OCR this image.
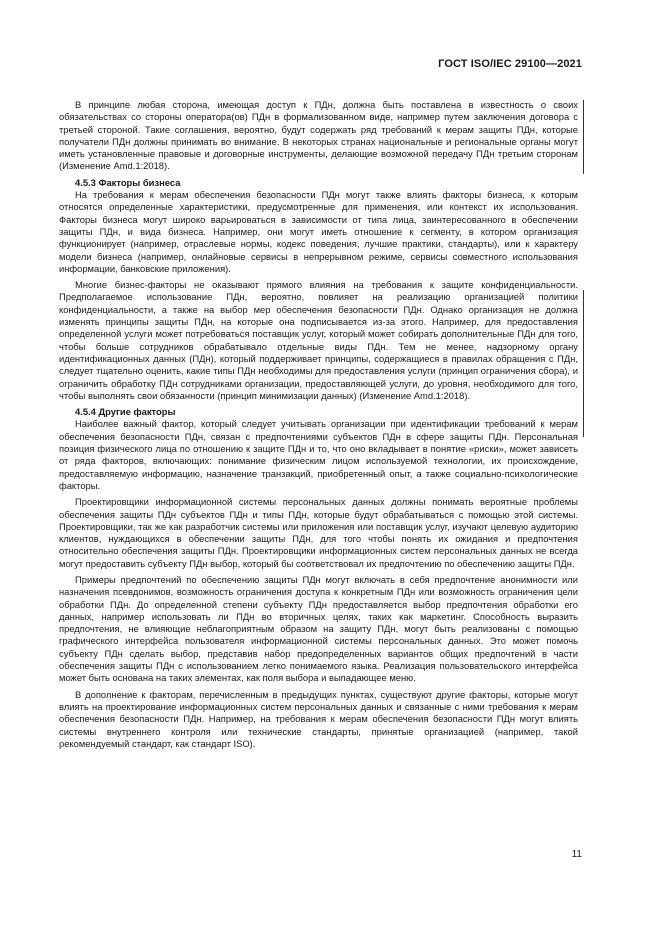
ГОСТ ISO/IEC 29100—2021

В принципе любая сторона, имеющая доступ к ПДн, должна быть поставлена в известность о своих обязательствах со стороны оператора(ов) ПДн в формализованном виде, например путем заключения договора с третьей стороной. Такие соглашения, вероятно, будут содержать ряд требований к мерам защиты ПДн, которые получатели ПДн должны принимать во внимание. В некоторых странах национальные и региональные органы могут иметь установленные правовые и договорные инструменты, делающие возможной передачу ПДн третьим сторонам (Изменение Amd.1:2018).

4.5.3 Факторы бизнеса

На требования к мерам обеспечения безопасности ПДн могут также влиять факторы бизнеса, к которым относятся определенные характеристики, предусмотренные для применения, или контекст их использования. Факторы бизнеса могут широко варьироваться в зависимости от типа лица, заинтересованного в обеспечении защиты ПДн, и вида бизнеса. Например, они могут иметь отношение к сегменту, в котором организация функционирует (например, отраслевые нормы, кодекс поведения, лучшие практики, стандарты), или к характеру модели бизнеса (например, онлайновые сервисы в непрерывном режиме, сервисы совместного использования информации, банковские приложения).

Многие бизнес-факторы не оказывают прямого влияния на требования к защите конфиденциальности. Предполагаемое использование ПДн, вероятно, повлияет на реализацию организацией политики конфиденциальности, а также на выбор мер обеспечения безопасности ПДн. Однако организация не должна изменять принципы защиты ПДн, на которые она подписывается из-за этого. Например, для предоставления определенной услуги может потребоваться поставщик услуг, который может собирать дополнительные ПДн для того, чтобы больше сотрудников обрабатывало отдельные виды ПДн. Тем не менее, надзорному органу идентификационных данных (ПДн), который поддерживает принципы, содержащиеся в правилах обращения с ПДн, следует тщательно оценить, какие типы ПДн необходимы для предоставления услуги (принцип ограничения сбора), и ограничить обработку ПДн сотрудниками организации, предоставляющей услуги, до уровня, необходимого для того, чтобы выполнять свои обязанности (принцип минимизации данных) (Изменение Amd.1:2018).

4.5.4 Другие факторы

Наиболее важный фактор, который следует учитывать организации при идентификации требований к мерам обеспечения безопасности ПДн, связан с предпочтениями субъектов ПДн в сфере защиты ПДн. Персональная позиция физического лица по отношению к защите ПДн и то, что оно вкладывает в понятие «риски», может зависеть от ряда факторов, включающих: понимание физическим лицом используемой технологии, их происхождение, предоставляемую информацию, назначение транзакций, приобретенный опыт, а также социально-психологические факторы.

Проектировщики информационной системы персональных данных должны понимать вероятные проблемы обеспечения защиты ПДн субъектов ПДн и типы ПДн, которые будут обрабатываться с помощью этой системы. Проектировщики, так же как разработчик системы или приложения или поставщик услуг, изучают целевую аудиторию клиентов, нуждающихся в обеспечении защиты ПДн, для того чтобы понять их ожидания и предпочтения относительно обеспечения защиты ПДн. Проектировщики информационных систем персональных данных не всегда могут предоставить субъекту ПДн выбор, который бы соответствовал их предпочтению по обеспечению защиты ПДн.

Примеры предпочтений по обеспечению защиты ПДн могут включать в себя предпочтение анонимности или назначения псевдонимов, возможность ограничения доступа к конкретным ПДн или возможность ограничения цели обработки ПДн. До определенной степени субъекту ПДн предоставляется выбор предпочтения обработки его данных, например использовать ли ПДн во вторичных целях, таких как маркетинг. Способность выразить предпочтения, не влияющие неблагоприятным образом на защиту ПДн, могут быть реализованы с помощью графического интерфейса пользователя информационной системы персональных данных. Это может помочь субъекту ПДн сделать выбор, представив набор предопределенных вариантов общих предпочтений в части обеспечения защиты ПДн с использованием легко понимаемого языка. Реализация пользовательского интерфейса может быть основана на таких элементах, как поля выбора и выпадающее меню.

В дополнение к факторам, перечисленным в предыдущих пунктах, существуют другие факторы, которые могут влиять на проектирование информационных систем персональных данных и связанные с ними требования к мерам обеспечения безопасности ПДн. Например, на требования к мерам обеспечения безопасности ПДн могут влиять системы внутреннего контроля или технические стандарты, принятые организацией (например, такой рекомендуемый стандарт, как стандарт ISO).

11
